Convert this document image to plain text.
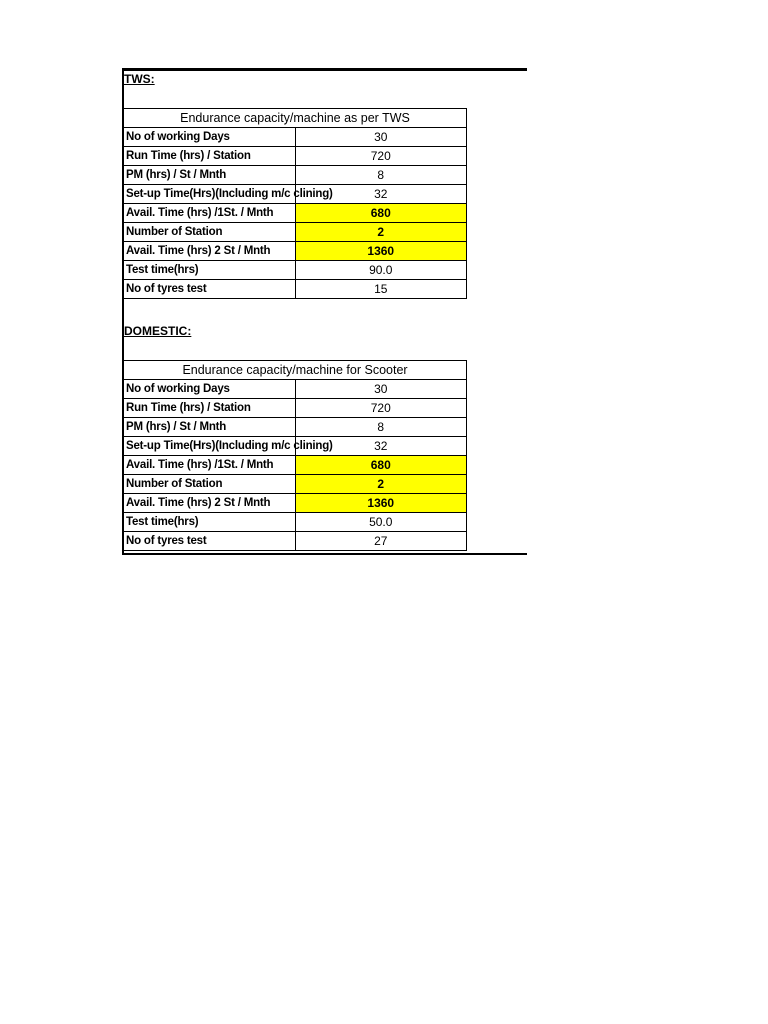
TWS:
Endurance capacity/machine as per TWS	
No of working Days	30
Run Time (hrs) / Station	720
PM (hrs) / St / Mnth	8
Set-up Time(Hrs)(Including m/c clining)	32
Avail. Time (hrs) /1St. / Mnth	680
Number of Station	2
Avail. Time (hrs) 2 St / Mnth	1360
Test time(hrs)	90.0
No of tyres test	15
DOMESTIC:
Endurance capacity/machine for Scooter	
No of working Days	30
Run Time (hrs) / Station	720
PM (hrs) / St / Mnth	8
Set-up Time(Hrs)(Including m/c clining)	32
Avail. Time (hrs) /1St. / Mnth	680
Number of Station	2
Avail. Time (hrs) 2 St / Mnth	1360
Test time(hrs)	50.0
No of tyres test	27
